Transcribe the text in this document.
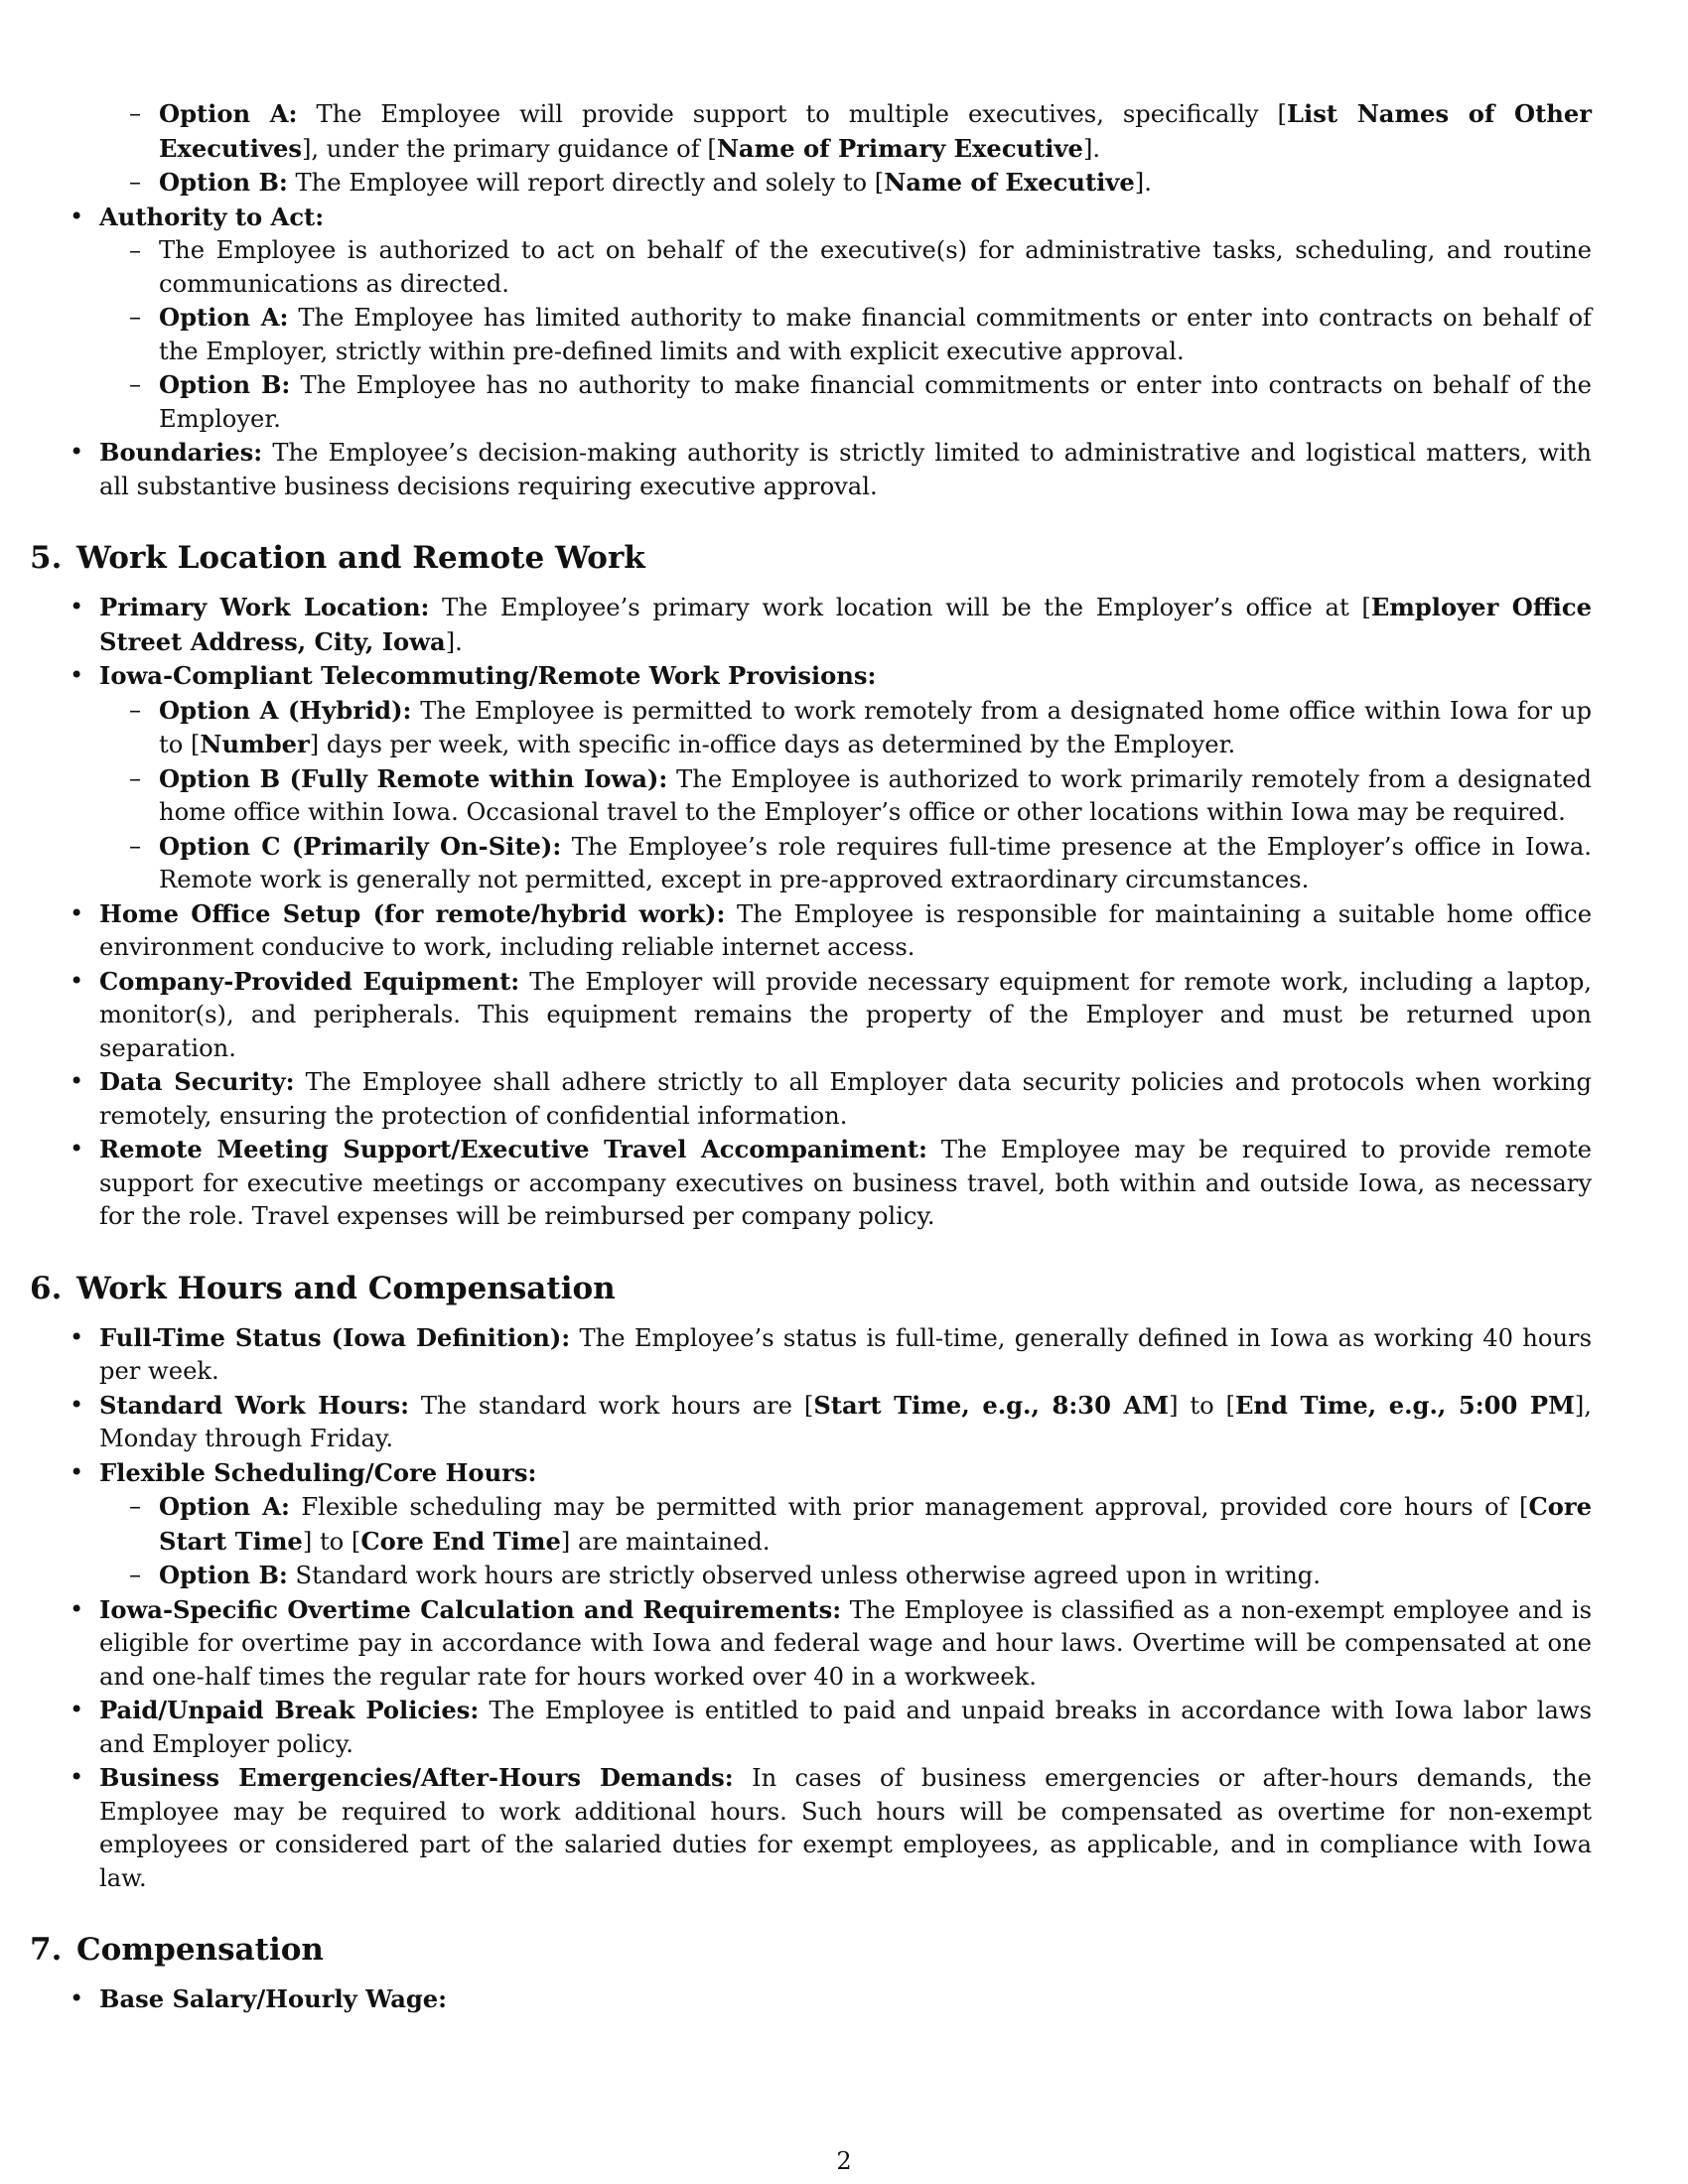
– Option A: The Employee will provide support to multiple executives, specifically [List Names of Other Executives], under the primary guidance of [Name of Primary Executive].
– Option B: The Employee will report directly and solely to [Name of Executive].
• Authority to Act:
– The Employee is authorized to act on behalf of the executive(s) for administrative tasks, scheduling, and routine communications as directed.
– Option A: The Employee has limited authority to make financial commitments or enter into contracts on behalf of the Employer, strictly within pre-defined limits and with explicit executive approval.
– Option B: The Employee has no authority to make financial commitments or enter into contracts on behalf of the Employer.
• Boundaries: The Employee’s decision-making authority is strictly limited to administrative and logistical matters, with all substantive business decisions requiring executive approval.
5. Work Location and Remote Work
• Primary Work Location: The Employee’s primary work location will be the Employer’s office at [Employer Office Street Address, City, Iowa].
• Iowa-Compliant Telecommuting/Remote Work Provisions:
– Option A (Hybrid): The Employee is permitted to work remotely from a designated home office within Iowa for up to [Number] days per week, with specific in-office days as determined by the Employer.
– Option B (Fully Remote within Iowa): The Employee is authorized to work primarily remotely from a designated home office within Iowa. Occasional travel to the Employer’s office or other locations within Iowa may be required.
– Option C (Primarily On-Site): The Employee’s role requires full-time presence at the Employer’s office in Iowa. Remote work is generally not permitted, except in pre-approved extraordinary circumstances.
• Home Office Setup (for remote/hybrid work): The Employee is responsible for maintaining a suitable home office environment conducive to work, including reliable internet access.
• Company-Provided Equipment: The Employer will provide necessary equipment for remote work, including a laptop, monitor(s), and peripherals. This equipment remains the property of the Employer and must be returned upon separation.
• Data Security: The Employee shall adhere strictly to all Employer data security policies and protocols when working remotely, ensuring the protection of confidential information.
• Remote Meeting Support/Executive Travel Accompaniment: The Employee may be required to provide remote support for executive meetings or accompany executives on business travel, both within and outside Iowa, as necessary for the role. Travel expenses will be reimbursed per company policy.
6. Work Hours and Compensation
• Full-Time Status (Iowa Definition): The Employee’s status is full-time, generally defined in Iowa as working 40 hours per week.
• Standard Work Hours: The standard work hours are [Start Time, e.g., 8:30 AM] to [End Time, e.g., 5:00 PM], Monday through Friday.
• Flexible Scheduling/Core Hours:
– Option A: Flexible scheduling may be permitted with prior management approval, provided core hours of [Core Start Time] to [Core End Time] are maintained.
– Option B: Standard work hours are strictly observed unless otherwise agreed upon in writing.
• Iowa-Specific Overtime Calculation and Requirements: The Employee is classified as a non-exempt employee and is eligible for overtime pay in accordance with Iowa and federal wage and hour laws. Overtime will be compensated at one and one-half times the regular rate for hours worked over 40 in a workweek.
• Paid/Unpaid Break Policies: The Employee is entitled to paid and unpaid breaks in accordance with Iowa labor laws and Employer policy.
• Business Emergencies/After-Hours Demands: In cases of business emergencies or after-hours demands, the Employee may be required to work additional hours. Such hours will be compensated as overtime for non-exempt employees or considered part of the salaried duties for exempt employees, as applicable, and in compliance with Iowa law.
7. Compensation
• Base Salary/Hourly Wage:
2
